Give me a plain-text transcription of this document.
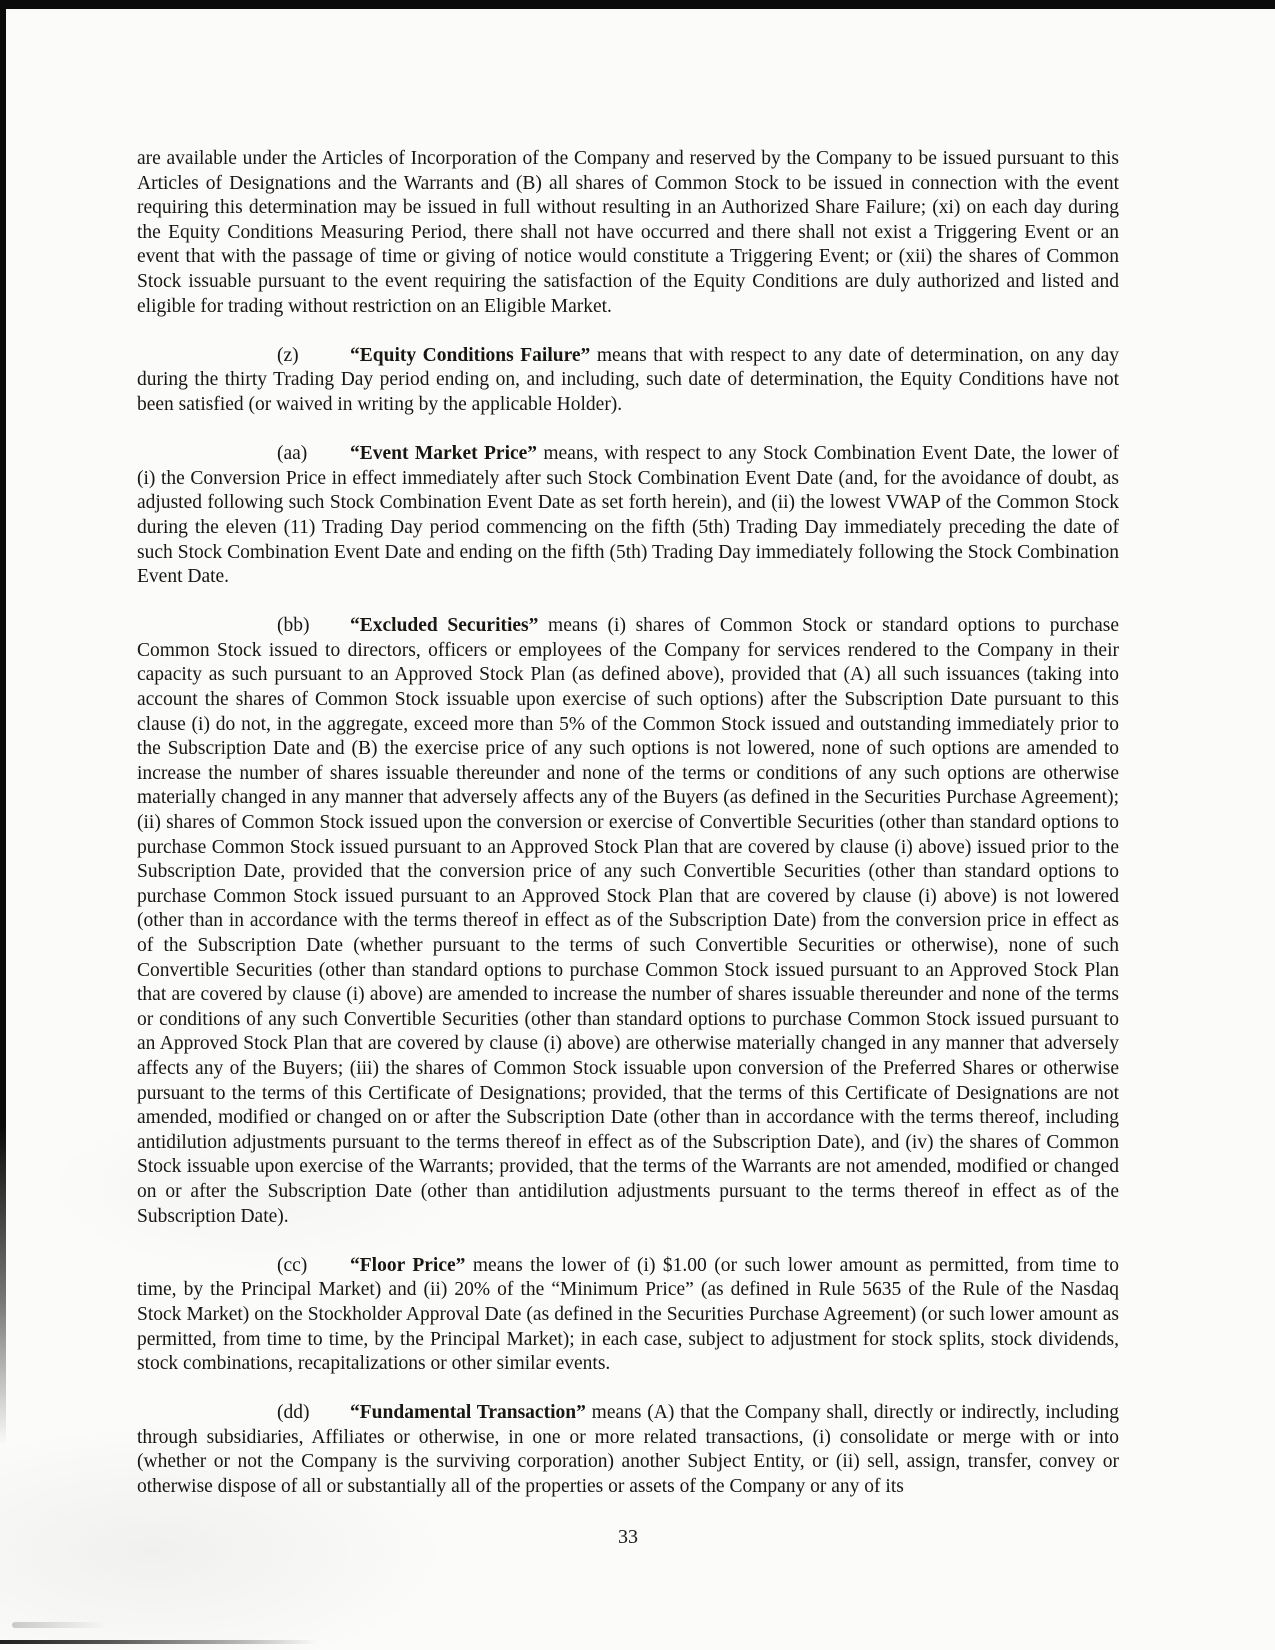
are available under the Articles of Incorporation of the Company and reserved by the Company to be issued pursuant to this Articles of Designations and the Warrants and (B) all shares of Common Stock to be issued in connection with the event requiring this determination may be issued in full without resulting in an Authorized Share Failure; (xi) on each day during the Equity Conditions Measuring Period, there shall not have occurred and there shall not exist a Triggering Event or an event that with the passage of time or giving of notice would constitute a Triggering Event; or (xii) the shares of Common Stock issuable pursuant to the event requiring the satisfaction of the Equity Conditions are duly authorized and listed and eligible for trading without restriction on an Eligible Market.

(z)	“Equity Conditions Failure” means that with respect to any date of determination, on any day during the thirty Trading Day period ending on, and including, such date of determination, the Equity Conditions have not been satisfied (or waived in writing by the applicable Holder).

(aa) “Event Market Price” means, with respect to any Stock Combination Event Date, the lower of (i) the Conversion Price in effect immediately after such Stock Combination Event Date (and, for the avoidance of doubt, as adjusted following such Stock Combination Event Date as set forth herein), and (ii) the lowest VWAP of the Common Stock during the eleven (11) Trading Day period commencing on the fifth (5th) Trading Day immediately preceding the date of such Stock Combination Event Date and ending on the fifth (5th) Trading Day immediately following the Stock Combination Event Date.

(bb) “Excluded Securities” means (i) shares of Common Stock or standard options to purchase Common Stock issued to directors, officers or employees of the Company for services rendered to the Company in their capacity as such pursuant to an Approved Stock Plan (as defined above), provided that (A) all such issuances (taking into account the shares of Common Stock issuable upon exercise of such options) after the Subscription Date pursuant to this clause (i) do not, in the aggregate, exceed more than 5% of the Common Stock issued and outstanding immediately prior to the Subscription Date and (B) the exercise price of any such options is not lowered, none of such options are amended to increase the number of shares issuable thereunder and none of the terms or conditions of any such options are otherwise materially changed in any manner that adversely affects any of the Buyers (as defined in the Securities Purchase Agreement); (ii) shares of Common Stock issued upon the conversion or exercise of Convertible Securities (other than standard options to purchase Common Stock issued pursuant to an Approved Stock Plan that are covered by clause (i) above) issued prior to the Subscription Date, provided that the conversion price of any such Convertible Securities (other than standard options to purchase Common Stock issued pursuant to an Approved Stock Plan that are covered by clause (i) above) is not lowered (other than in accordance with the terms thereof in effect as of the Subscription Date) from the conversion price in effect as of the Subscription Date (whether pursuant to the terms of such Convertible Securities or otherwise), none of such Convertible Securities (other than standard options to purchase Common Stock issued pursuant to an Approved Stock Plan that are covered by clause (i) above) are amended to increase the number of shares issuable thereunder and none of the terms or conditions of any such Convertible Securities (other than standard options to purchase Common Stock issued pursuant to an Approved Stock Plan that are covered by clause (i) above) are otherwise materially changed in any manner that adversely affects any of the Buyers; (iii) the shares of Common Stock issuable upon conversion of the Preferred Shares or otherwise pursuant to the terms of this Certificate of Designations; provided, that the terms of this Certificate of Designations are not amended, modified or changed on or after the Subscription Date (other than in accordance with the terms thereof, including antidilution adjustments pursuant to the terms thereof in effect as of the Subscription Date), and (iv) the shares of Common Stock issuable upon exercise of the Warrants; provided, that the terms of the Warrants are not amended, modified or changed on or after the Subscription Date (other than antidilution adjustments pursuant to the terms thereof in effect as of the Subscription Date).

(cc) “Floor Price” means the lower of (i) $1.00 (or such lower amount as permitted, from time to time, by the Principal Market) and (ii) 20% of the “Minimum Price” (as defined in Rule 5635 of the Rule of the Nasdaq Stock Market) on the Stockholder Approval Date (as defined in the Securities Purchase Agreement) (or such lower amount as permitted, from time to time, by the Principal Market); in each case, subject to adjustment for stock splits, stock dividends, stock combinations, recapitalizations or other similar events.

(dd) “Fundamental Transaction” means (A) that the Company shall, directly or indirectly, including through subsidiaries, Affiliates or otherwise, in one or more related transactions, (i) consolidate or merge with or into (whether or not the Company is the surviving corporation) another Subject Entity, or (ii) sell, assign, transfer, convey or otherwise dispose of all or substantially all of the properties or assets of the Company or any of its

33
